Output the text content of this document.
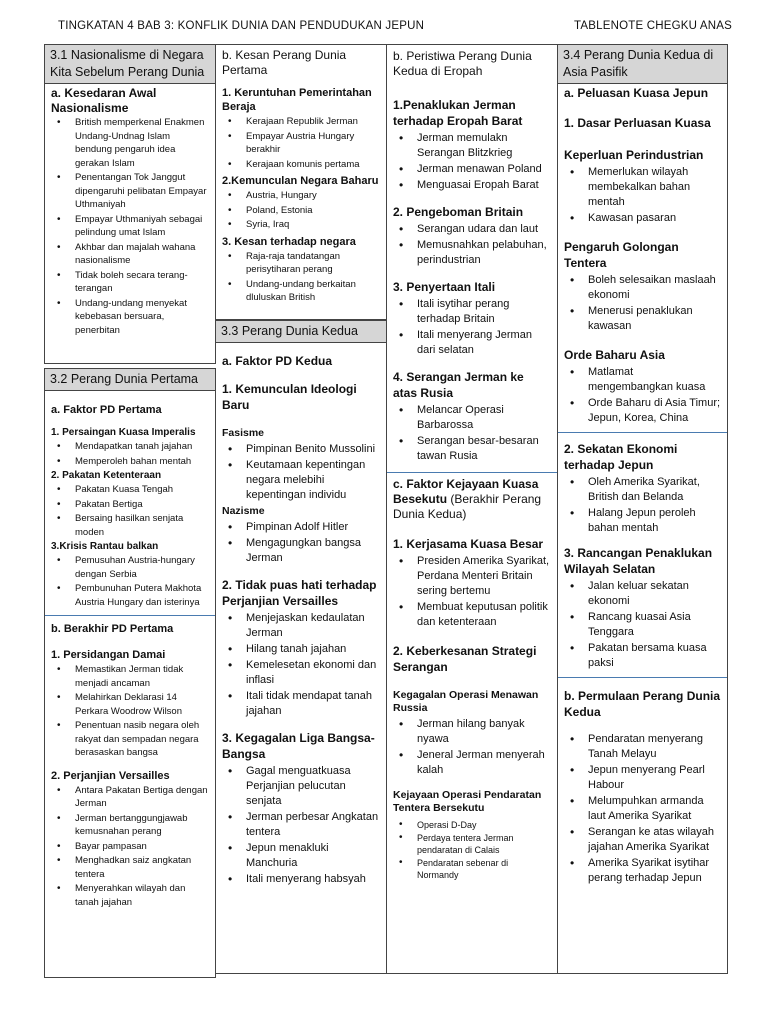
TINGKATAN 4 BAB 3: KONFLIK DUNIA DAN PENDUDUKAN JEPUN	TABLENOTE CHEGKU ANAS
3.1 Nasionalisme di Negara Kita Sebelum Perang Dunia
a. Kesedaran Awal Nasionalisme
• British memperkenal Enakmen Undang-Undnag Islam bendung pengaruh idea gerakan Islam
• Penentangan Tok Janggut dipengaruhi pelibatan Empayar Uthmaniyah
• Empayar Uthmaniyah sebagai pelindung umat Islam
• Akhbar dan majalah wahana nasionalisme
• Tidak boleh secara terang-terangan
• Undang-undang menyekat kebebasan bersuara, penerbitan
3.2 Perang Dunia Pertama
a. Faktor PD Pertama
1. Persaingan Kuasa Imperalis
• Mendapatkan tanah jajahan
• Memperoleh bahan mentah
2. Pakatan Ketenteraan
• Pakatan Kuasa Tengah
• Pakatan Bertiga
• Bersaing hasilkan senjata moden
3.Krisis Rantau balkan
• Pemusuhan Austria-hungary dengan Serbia
• Pembunuhan Putera Makhota Austria Hungary dan isterinya
b. Berakhir PD Pertama
1. Persidangan Damai
• Memastikan Jerman tidak menjadi ancaman
• Melahirkan Deklarasi 14 Perkara Woodrow Wilson
• Penentuan nasib negara oleh rakyat dan sempadan negara berasaskan bangsa
2. Perjanjian Versailles
• Antara Pakatan Bertiga dengan Jerman
• Jerman bertanggungjawab kemusnahan perang
• Bayar pampasan
• Menghadkan saiz angkatan tentera
• Menyerahkan wilayah dan tanah jajahan
b. Kesan Perang Dunia Pertama
1. Keruntuhan Pemerintahan Beraja
• Kerajaan Republik Jerman
• Empayar Austria Hungary berakhir
• Kerajaan komunis pertama
2.Kemunculan Negara Baharu
• Austria, Hungary
• Poland, Estonia
• Syria, Iraq
3. Kesan terhadap negara
• Raja-raja tandatangan perisytiharan perang
• Undang-undang berkaitan dluluskan British
3.3 Perang Dunia Kedua
a. Faktor PD Kedua
1. Kemunculan Ideologi Baru
Fasisme
• Pimpinan Benito Mussolini
• Keutamaan kepentingan negara melebihi kepentingan individu
Nazisme
• Pimpinan Adolf Hitler
• Mengagungkan bangsa Jerman
2. Tidak puas hati terhadap Perjanjian Versailles
• Menjejaskan kedaulatan Jerman
• Hilang tanah jajahan
• Kemelesetan ekonomi dan inflasi
• Itali tidak mendapat tanah jajahan
3. Kegagalan Liga Bangsa-Bangsa
• Gagal menguatkuasa Perjanjian pelucutan senjata
• Jerman perbesar Angkatan tentera
• Jepun menakluki Manchuria
• Itali menyerang habsyah
b. Peristiwa Perang Dunia Kedua di Eropah
1.Penaklukan Jerman terhadap Eropah Barat
• Jerman memulakn Serangan Blitzkrieg
• Jerman menawan Poland
• Menguasai Eropah Barat
2. Pengeboman Britain
• Serangan udara dan laut
• Memusnahkan pelabuhan, perindustrian
3. Penyertaan Itali
• Itali isytihar perang terhadap Britain
• Itali menyerang Jerman dari selatan
4. Serangan Jerman ke atas Rusia
• Melancar Operasi Barbarossa
• Serangan besar-besaran tawan Rusia
c. Faktor Kejayaan Kuasa Besekutu (Berakhir Perang Dunia Kedua)
1. Kerjasama Kuasa Besar
• Presiden Amerika Syarikat, Perdana Menteri Britain sering bertemu
• Membuat keputusan politik dan ketenteraan
2. Keberkesanan Strategi Serangan
Kegagalan Operasi Menawan Russia
• Jerman hilang banyak nyawa
• Jeneral Jerman menyerah kalah
Kejayaan Operasi Pendaratan Tentera Bersekutu
• Operasi D-Day
• Perdaya tentera Jerman pendaratan di Calais
• Pendaratan sebenar di Normandy
3.4 Perang Dunia Kedua di Asia Pasifik
a. Peluasan Kuasa Jepun
1. Dasar Perluasan Kuasa
Keperluan Perindustrian
• Memerlukan wilayah membekalkan bahan mentah
• Kawasan pasaran
Pengaruh Golongan Tentera
• Boleh selesaikan maslaah ekonomi
• Menerusi penaklukan kawasan
Orde Baharu Asia
• Matlamat mengembangkan kuasa
• Orde Baharu di Asia Timur; Jepun, Korea, China
2. Sekatan Ekonomi terhadap Jepun
• Oleh Amerika Syarikat, British dan Belanda
• Halang Jepun peroleh bahan mentah
3. Rancangan Penaklukan Wilayah Selatan
• Jalan keluar sekatan ekonomi
• Rancang kuasai Asia Tenggara
• Pakatan bersama kuasa paksi
b. Permulaan Perang Dunia Kedua
• Pendaratan menyerang Tanah Melayu
• Jepun menyerang Pearl Habour
• Melumpuhkan armanda laut Amerika Syarikat
• Serangan ke atas wilayah jajahan Amerika Syarikat
• Amerika Syarikat isytihar perang terhadap Jepun
